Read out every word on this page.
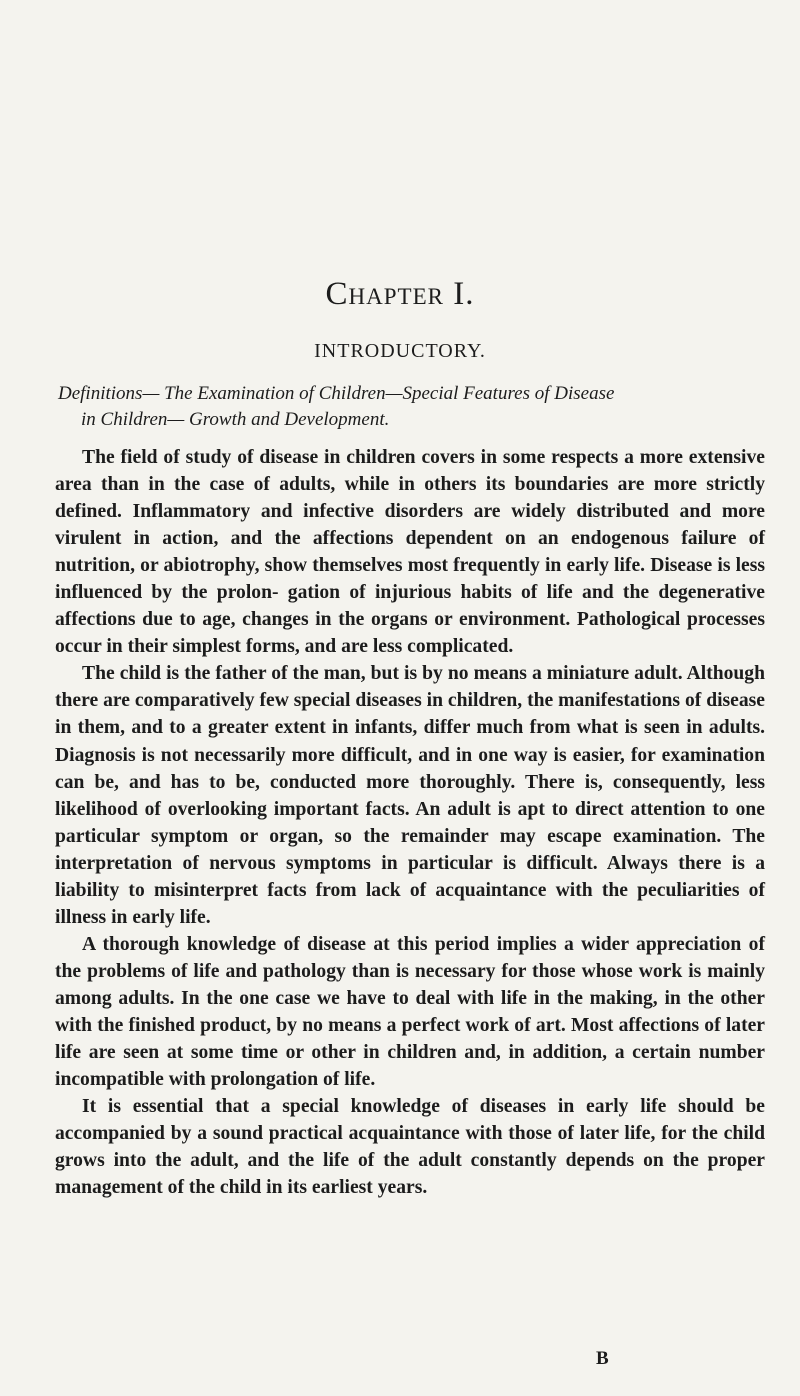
Chapter I.
INTRODUCTORY.

Definitions— The Examination of Children—Special Features of Disease
in Children— Growth and Development.

The field of study of disease in children covers in some respects a more extensive area than in the case of adults, while in others its boundaries are more strictly defined. Inflammatory and infective disorders are widely distributed and more virulent in action, and the affections dependent on an endogenous failure of nutrition, or abiotrophy, show themselves most frequently in early life. Disease is less influenced by the prolon- gation of injurious habits of life and the degenerative affections due to age, changes in the organs or environment. Pathological processes occur in their simplest forms, and are less complicated.

The child is the father of the man, but is by no means a miniature adult. Although there are comparatively few special diseases in children, the manifestations of disease in them, and to a greater extent in infants, differ much from what is seen in adults. Diagnosis is not necessarily more difficult, and in one way is easier, for examination can be, and has to be, conducted more thoroughly. There is, consequently, less likelihood of overlooking important facts. An adult is apt to direct attention to one particular symptom or organ, so the remainder may escape examination. The interpretation of nervous symptoms in particular is difficult. Always there is a liability to misinterpret facts from lack of acquaintance with the peculiarities of illness in early life.

A thorough knowledge of disease at this period implies a wider appreciation of the problems of life and pathology than is necessary for those whose work is mainly among adults. In the one case we have to deal with life in the making, in the other with the finished product, by no means a perfect work of art. Most affections of later life are seen at some time or other in children and, in addition, a certain number incompatible with prolongation of life.

It is essential that a special knowledge of diseases in early life should be accompanied by a sound practical acquaintance with those of later life, for the child grows into the adult, and the life of the adult constantly depends on the proper management of the child in its earliest years.

B
